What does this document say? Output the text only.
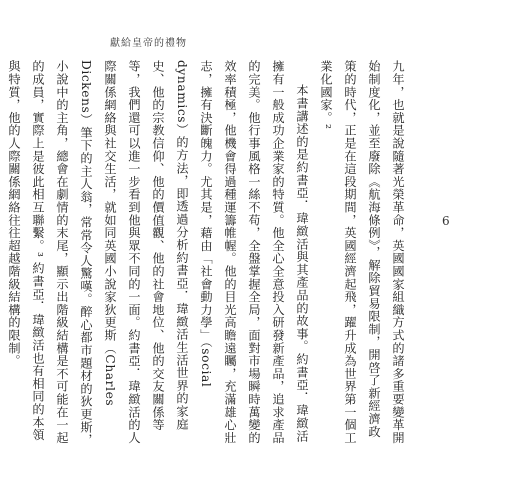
獻給皇帝的禮物

九年，也就是說隨著光榮革命，英國國家組織方式的諸多重要變革開始制度化，並至廢除《航海條例》，解除貿易限制，開啓了新經濟政策的時代，正是在這段期間，英國經濟起飛，躍升成為世界第一個工業化國家。²

本書講述的是約書亞．瑋緻活與其產品的故事。約書亞．瑋緻活擁有一般成功企業家的特質。他全心全意投入研發新產品，追求產品的完美。他行事風格一絲不苟，全盤掌握全局，面對市場瞬時萬變的效率積極，他機會得過種運籌帷幄。他的目光高瞻遠矚，充滿雄心壯志，擁有決斷魄力。尤其是，藉由「社會動力學」（social dynamics）的方法，即透過分析約書亞．瑋緻活生活世界的家庭史、他的宗教信仰、他的價值觀、他的社會地位、他的交友關係等等，我們還可以進一步看到他與眾不同的一面。約書亞．瑋緻活的人際關係網絡與社交生活，就如同英國小說家狄更斯（Charles Dickens）筆下的主人翁，常常令人驚嘆。醉心都市題材的狄更斯，小說中的主角，總會在劇情的末尾，顯示出階級結構是不可能在一起的成員，實際上是彼此相互聯繫。³ 約書亞．瑋緻活也有相同的本領與特質，他的人際關係網絡往往超越階級結構的限制。	6
